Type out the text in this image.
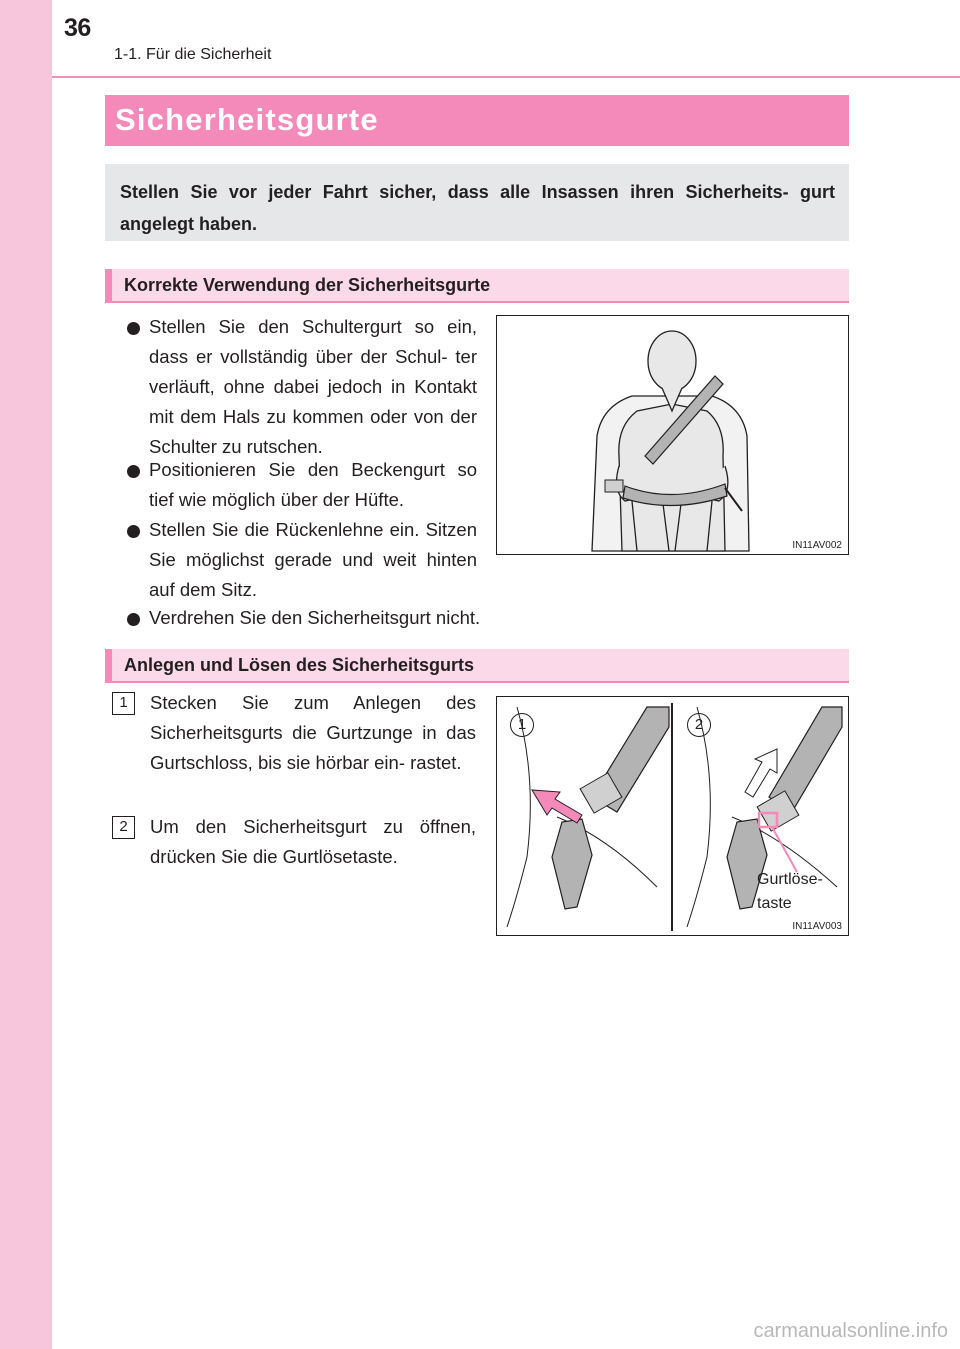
36
1-1. Für die Sicherheit
Sicherheitsgurte

Stellen Sie vor jeder Fahrt sicher, dass alle Insassen ihren Sicherheits- gurt angelegt haben.

Korrekte Verwendung der Sicherheitsgurte
Stellen Sie den Schultergurt so ein, dass er vollständig über der Schul- ter verläuft, ohne dabei jedoch in Kontakt mit dem Hals zu kommen oder von der Schulter zu rutschen.
Positionieren Sie den Beckengurt so tief wie möglich über der Hüfte.
Stellen Sie die Rückenlehne ein. Sitzen Sie möglichst gerade und weit hinten auf dem Sitz.
Verdrehen Sie den Sicherheitsgurt nicht.
IN11AV002
Anlegen und Lösen des Sicherheitsgurts
1	Stecken Sie zum Anlegen des Sicherheitsgurts die Gurtzunge in das Gurtschloss, bis sie hörbar ein- rastet.
2	Um den Sicherheitsgurt zu öffnen, drücken Sie die Gurtlösetaste.
1	2
Gurtlöse-
taste
IN11AV003
carmanualsonline.info
